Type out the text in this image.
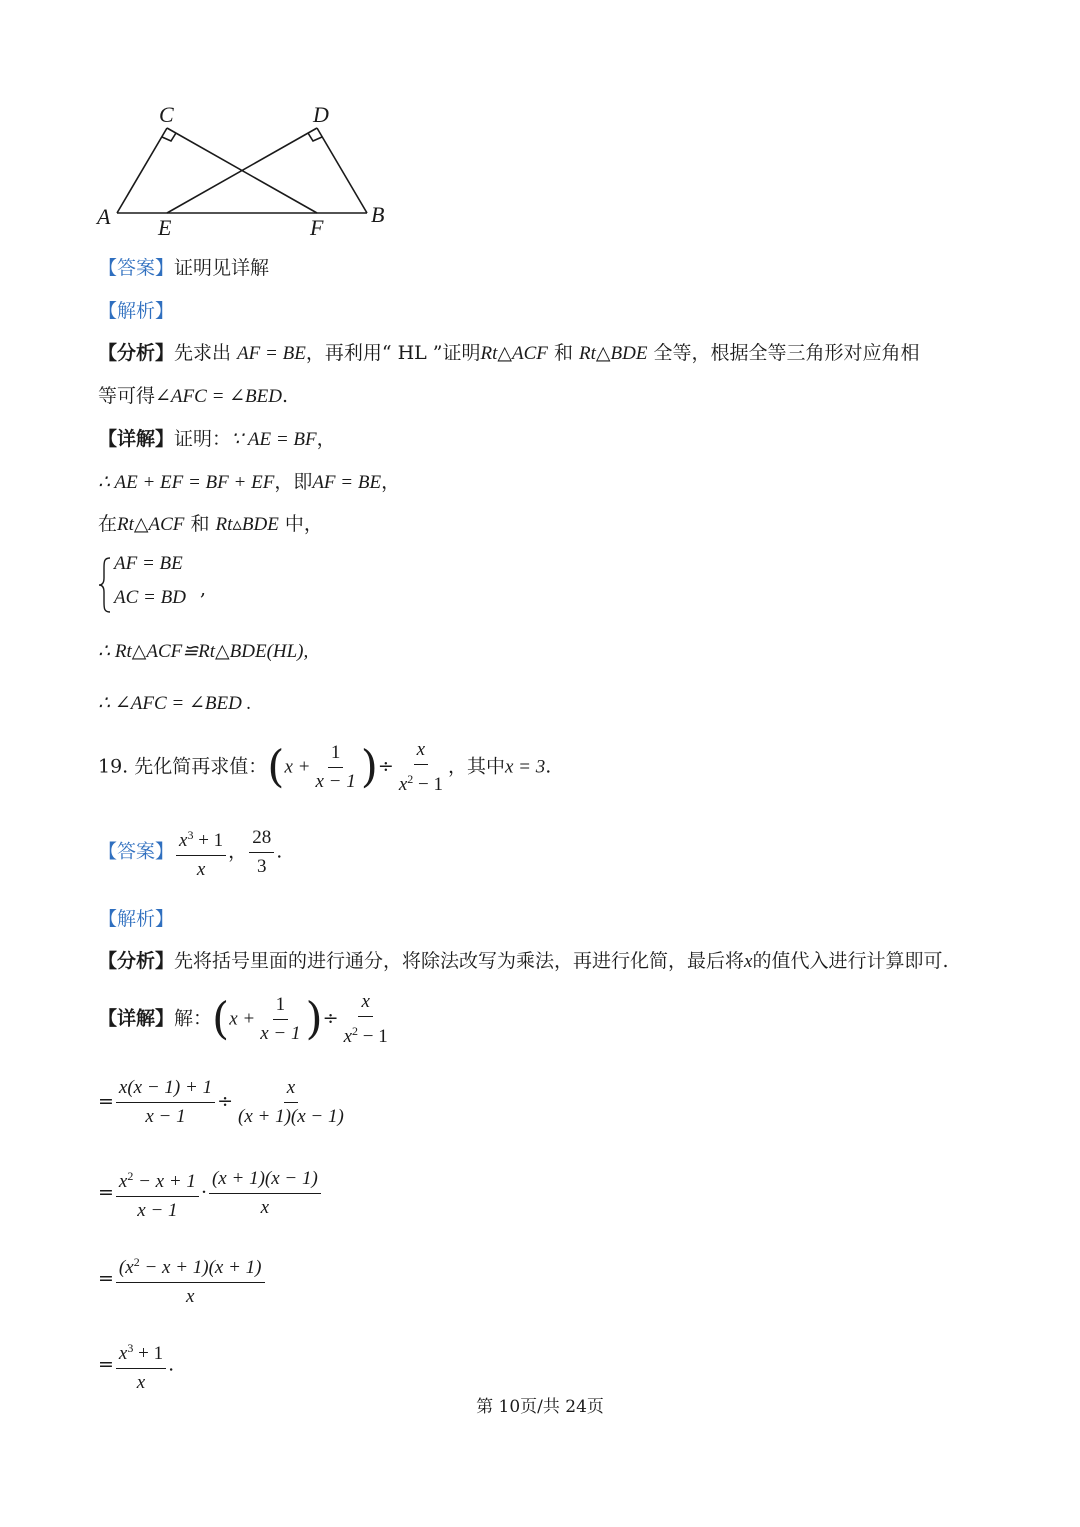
C	D
A	B
E	F
【答案】证明见详解
【解析】
【分析】先求出 AF = BE，再利用“ HL ”证明Rt△ACF 和 Rt△BDE 全等，根据全等三角形对应角相
等可得∠AFC = ∠BED.
【详解】证明：∵ AE = BF，
∴ AE + EF = BF + EF，即AF = BE，
在Rt△ACF 和 Rt▵BDE 中，
AF = BE
AC = BD ,
∴ Rt△ACF≌Rt△BDE(HL),
∴ ∠AFC = ∠BED .
19. 先化简再求值：($x + \frac{1}{x - 1}$ )÷ $\frac{x}{x^2 - 1}$ ，其中x = 3.
【答案】 $\frac{x^3 + 1}{x}$ ， $\frac{28}{3}$ .
【解析】
【分析】先将括号里面的进行通分，将除法改写为乘法，再进行化简，最后将x的值代入进行计算即可.
【详解】解：($x + \frac{1}{x - 1}$ )÷ $\frac{x}{x^2 - 1}$
= $\frac{x(x - 1) + 1}{x - 1} \div \frac{x}{(x + 1)(x - 1)}$
= $\frac{x^2 - x + 1}{x - 1} \cdot \frac{(x + 1)(x - 1)}{x}$
= $\frac{(x^2 - x + 1)(x + 1)}{x}$
= $\frac{x^3 + 1}{x}$ .
第 10页/共 24页
